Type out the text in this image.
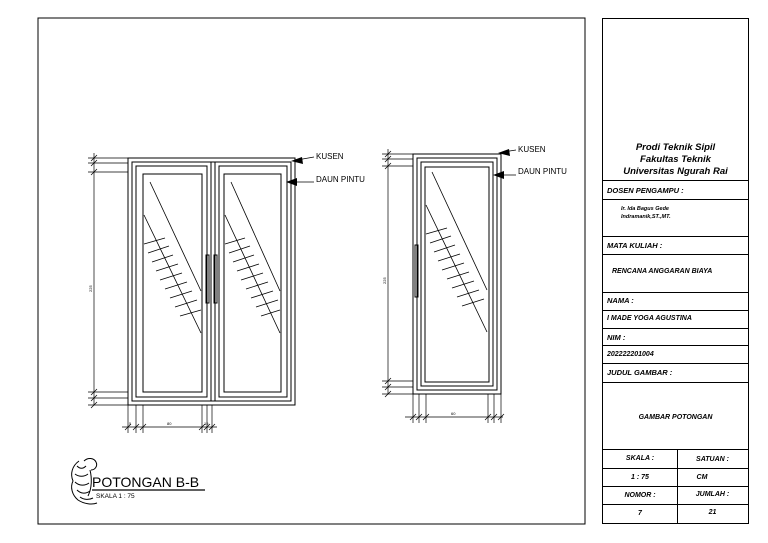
225
225
80
60
5	15
KUSEN
DAUN PINTU
KUSEN
DAUN PINTU
POTONGAN B-B
SKALA 1 : 75
Prodi Teknik Sipil
Fakultas Teknik
Universitas Ngurah Rai
DOSEN PENGAMPU :
Ir. Ida Bagus Gede
Indramanik,ST.,MT.
MATA KULIAH :
RENCANA ANGGARAN BIAYA
NAMA :
I MADE YOGA AGUSTINA
NIM :
202222201004
JUDUL GAMBAR :
GAMBAR POTONGAN
SKALA :	SATUAN :
1 : 75	CM
NOMOR :	JUMLAH :
7	21
